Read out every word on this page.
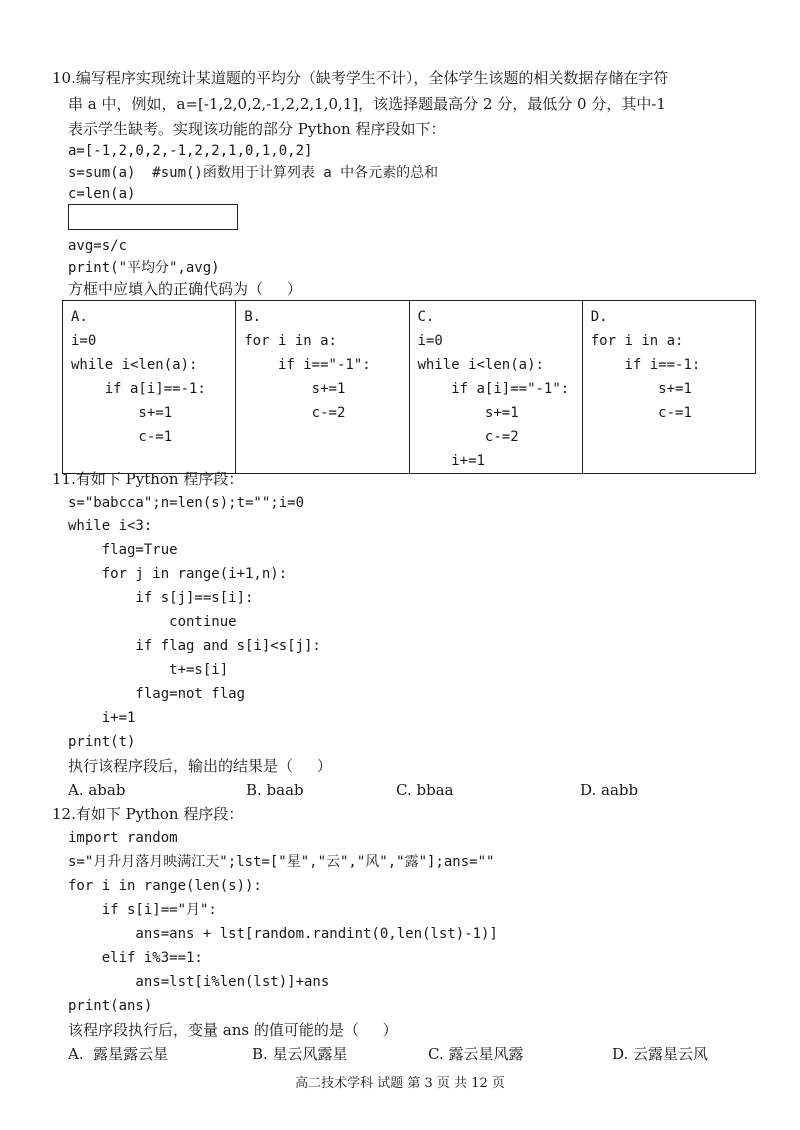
10.编写程序实现统计某道题的平均分（缺考学生不计），全体学生该题的相关数据存储在字符
串 a 中，例如，a=[-1,2,0,2,-1,2,2,1,0,1]，该选择题最高分 2 分，最低分 0 分，其中-1
表示学生缺考。实现该功能的部分 Python 程序段如下：
a=[-1,2,0,2,-1,2,2,1,0,1,0,2]
s=sum(a)  #sum()函数用于计算列表 a 中各元素的总和
c=len(a)
avg=s/c
print("平均分",avg)
方框中应填入的正确代码为（     ）
A.
i=0
while i<len(a):
if a[i]==-1:
s+=1
c-=1

B.
for i in a:
if i=="-1":
s+=1
c-=2

C.
i=0
while i<len(a):
if a[i]=="-1":
s+=1
c-=2
i+=1

D.
for i in a:
if i==-1:
s+=1
c-=1
11.有如下 Python 程序段：
s="babcca";n=len(s);t="";i=0
while i<3:
flag=True
for j in range(i+1,n):
if s[j]==s[i]:
continue
if flag and s[i]<s[j]:
t+=s[i]
flag=not flag
i+=1
print(t)
执行该程序段后，输出的结果是（     ）
A. abab	B. baab	C. bbaa	D. aabb
12.有如下 Python 程序段：
import random
s="月升月落月映满江天";lst=["星","云","风","露"];ans=""
for i in range(len(s)):
if s[i]=="月":
ans=ans + lst[random.randint(0,len(lst)-1)]
elif i%3==1:
ans=lst[i%len(lst)]+ans
print(ans)
该程序段执行后，变量 ans 的值可能的是（     ）
A.  露星露云星	B. 星云风露星	C. 露云星风露	D. 云露星云风
高二技术学科 试题 第 3 页 共 12 页
